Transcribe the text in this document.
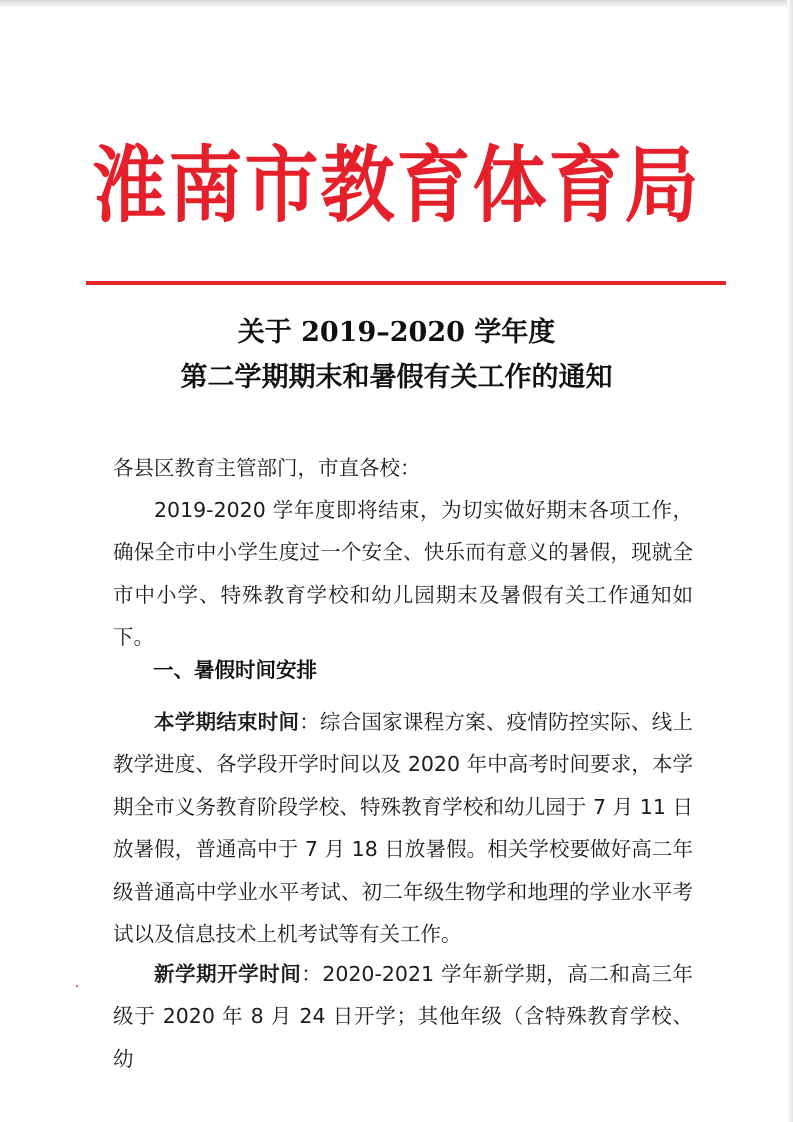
淮南市教育体育局
关于 2019–2020 学年度
第二学期期末和暑假有关工作的通知
各县区教育主管部门，市直各校：
2019-2020 学年度即将结束，为切实做好期末各项工作，确保全市中小学生度过一个安全、快乐而有意义的暑假，现就全市中小学、特殊教育学校和幼儿园期末及暑假有关工作通知如下。
一、暑假时间安排
本学期结束时间：综合国家课程方案、疫情防控实际、线上教学进度、各学段开学时间以及 2020 年中高考时间要求，本学期全市义务教育阶段学校、特殊教育学校和幼儿园于 7 月 11 日放暑假，普通高中于 7 月 18 日放暑假。相关学校要做好高二年级普通高中学业水平考试、初二年级生物学和地理的学业水平考试以及信息技术上机考试等有关工作。
新学期开学时间：2020-2021 学年新学期，高二和高三年级于 2020 年 8 月 24 日开学；其他年级（含特殊教育学校、幼
